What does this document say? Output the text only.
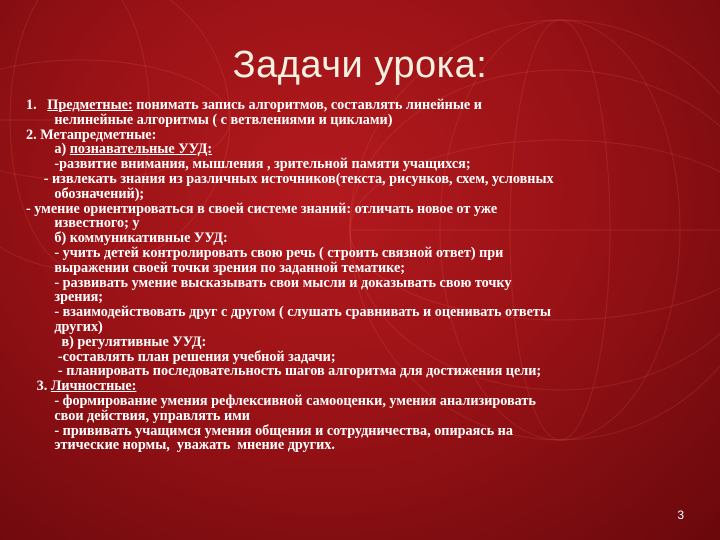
Задачи урока:
1.   Предметные: понимать запись алгоритмов, составлять линейные и
нелинейные алгоритмы ( с ветвлениями и циклами)
2. Метапредметные:
а) познавательные УУД:
-развитие внимания, мышления , зрительной памяти учащихся;
- извлекать знания из различных источников(текста, рисунков, схем, условных
обозначений);
- умение ориентироваться в своей системе знаний: отличать новое от уже
известного; у
б) коммуникативные УУД:
- учить детей контролировать свою речь ( строить связной ответ) при
выражении своей точки зрения по заданной тематике;
- развивать умение высказывать свои мысли и доказывать свою точку
зрения;
- взаимодействовать друг с другом ( слушать сравнивать и оценивать ответы
других)
в) регулятивные УУД:
-составлять план решения учебной задачи;
- планировать последовательность шагов алгоритма для достижения цели;
3. Личностные:
- формирование умения рефлексивной самооценки, умения анализировать
свои действия, управлять ими
- прививать учащимся умения общения и сотрудничества, опираясь на
этические нормы,  уважать  мнение других.
3
